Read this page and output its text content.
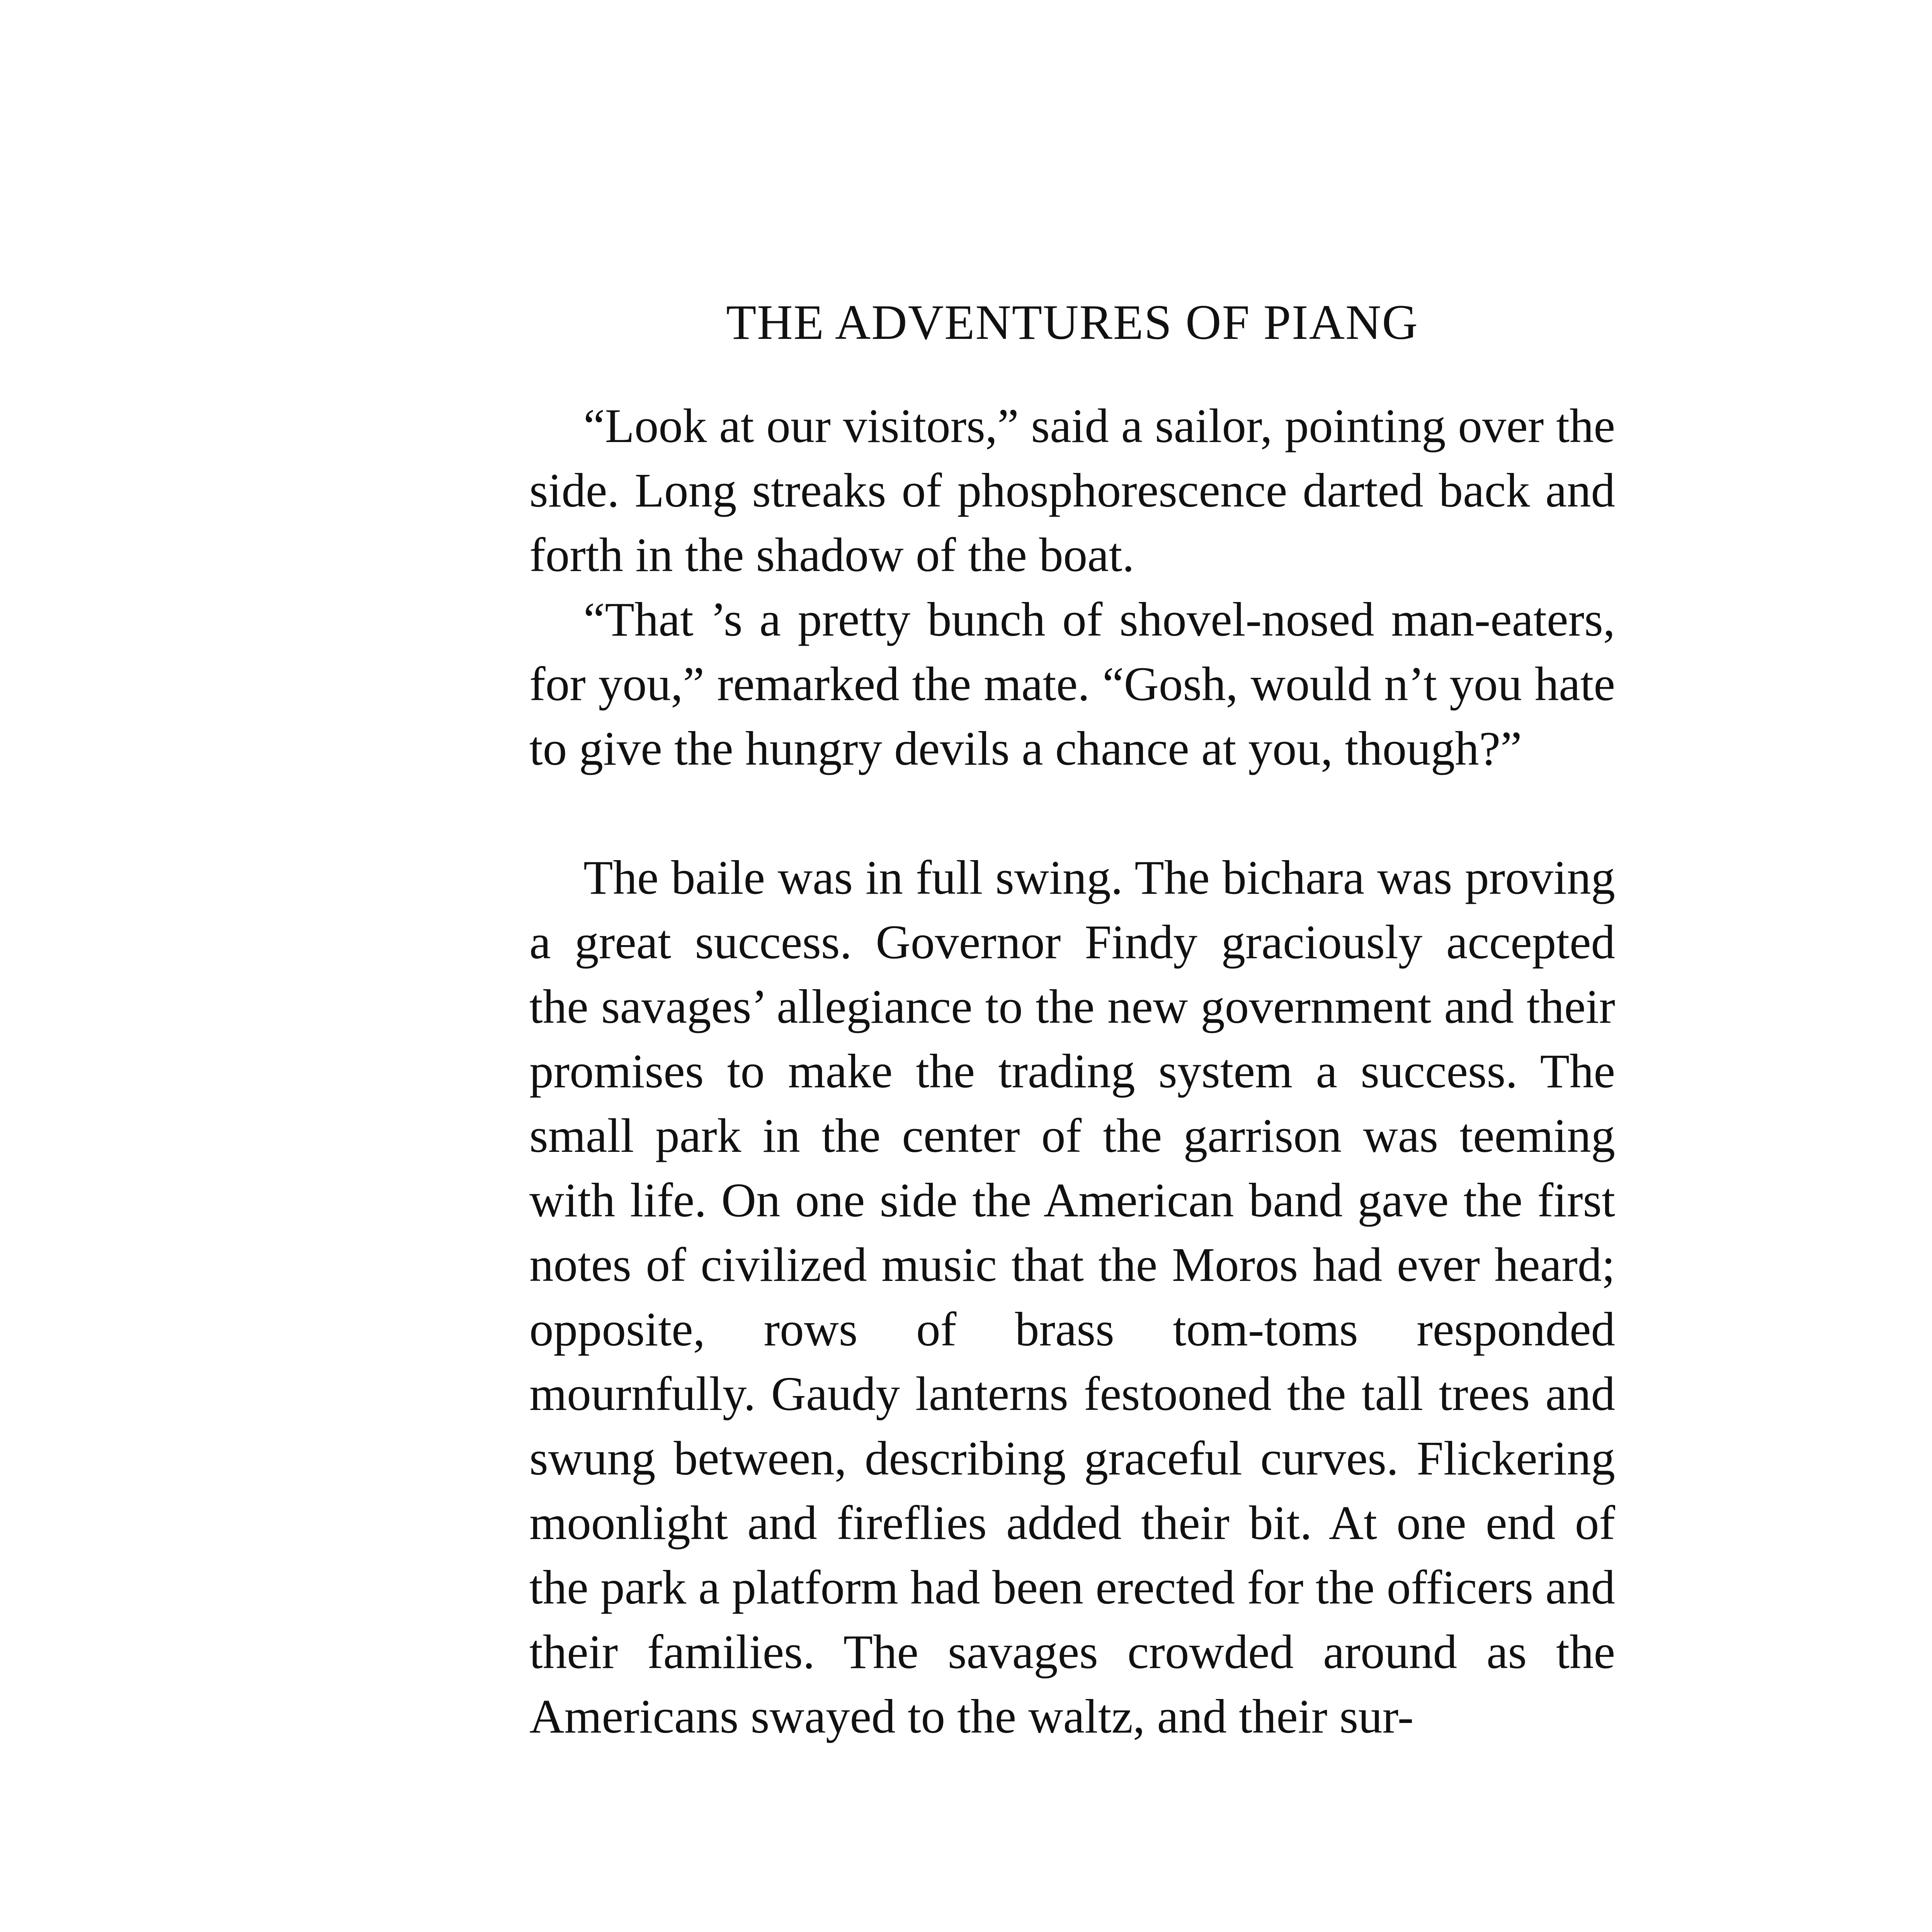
THE ADVENTURES OF PIANG

“Look at our visitors,” said a sailor, pointing over the side. Long streaks of phosphorescence darted back and forth in the shadow of the boat.

“That ’s a pretty bunch of shovel-nosed man-eaters, for you,” remarked the mate. “Gosh, would n’t you hate to give the hungry devils a chance at you, though?”

The baile was in full swing. The bichara was proving a great success. Governor Findy graciously accepted the savages’ allegiance to the new government and their promises to make the trading system a success. The small park in the center of the garrison was teeming with life. On one side the American band gave the first notes of civilized music that the Moros had ever heard; opposite, rows of brass tom-toms responded mournfully. Gaudy lanterns festooned the tall trees and swung between, describing graceful curves. Flickering moonlight and fireflies added their bit. At one end of the park a platform had been erected for the officers and their families. The savages crowded around as the Americans swayed to the waltz, and their sur-
